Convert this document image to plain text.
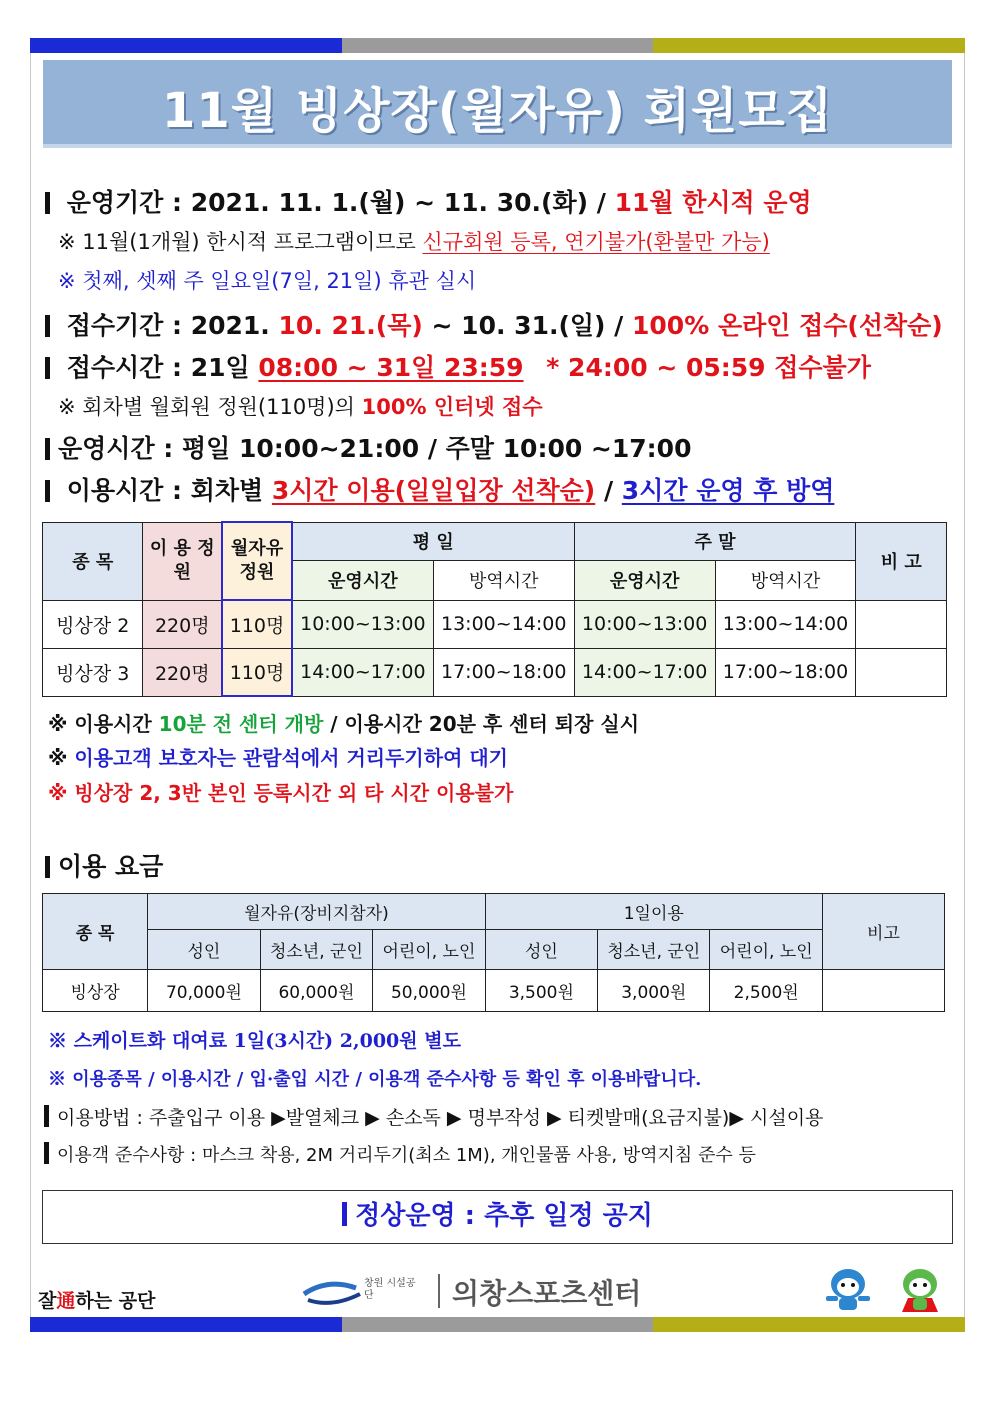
11월 빙상장(월자유) 회원모집
운영기간 : 2021. 11. 1.(월) ~ 11. 30.(화) / 11월 한시적 운영
※ 11월(1개월) 한시적 프로그램이므로 신규회원 등록, 연기불가(환불만 가능)
※ 첫째, 셋째 주 일요일(7일, 21일) 휴관 실시
접수기간 : 2021. 10. 21.(목) ~ 10. 31.(일) / 100% 온라인 접수(선착순)
접수시간 : 21일 08:00 ~ 31일 23:59 * 24:00 ~ 05:59 접수불가
※ 회차별 월회원 정원(110명)의 100% 인터넷 접수
운영시간 : 평일 10:00~21:00 / 주말 10:00 ~17:00
이용시간 : 회차별 3시간 이용(일일입장 선착순) / 3시간 운영 후 방역
종 목	이 용 정 원	월자유 정원	평 일		주 말		비 고
			운영시간	방역시간	운영시간	방역시간	
빙상장 2	220명	110명	10:00~13:00	13:00~14:00	10:00~13:00	13:00~14:00	
빙상장 3	220명	110명	14:00~17:00	17:00~18:00	14:00~17:00	17:00~18:00	
※ 이용시간 10분 전 센터 개방 / 이용시간 20분 후 센터 퇴장 실시
※ 이용고객 보호자는 관람석에서 거리두기하여 대기
※ 빙상장 2, 3반 본인 등록시간 외 타 시간 이용불가
이용 요금
종 목	월자유(장비지참자)			1일이용			비고
	성인	청소년, 군인	어린이, 노인	성인	청소년, 군인	어린이, 노인	
빙상장	70,000원	60,000원	50,000원	3,500원	3,000원	2,500원	
※ 스케이트화 대여료 1일(3시간) 2,000원 별도
※ 이용종목 / 이용시간 / 입·출입 시간 / 이용객 준수사항 등 확인 후 이용바랍니다.
이용방법 : 주출입구 이용 ▶발열체크 ▶ 손소독 ▶ 명부작성 ▶ 티켓발매(요금지불)▶ 시설이용
이용객 준수사항 : 마스크 착용, 2M 거리두기(최소 1M), 개인물품 사용, 방역지침 준수 등
정상운영 : 추후 일정 공지
잘通하는 공단
창원 시설공단	의창스포츠센터
